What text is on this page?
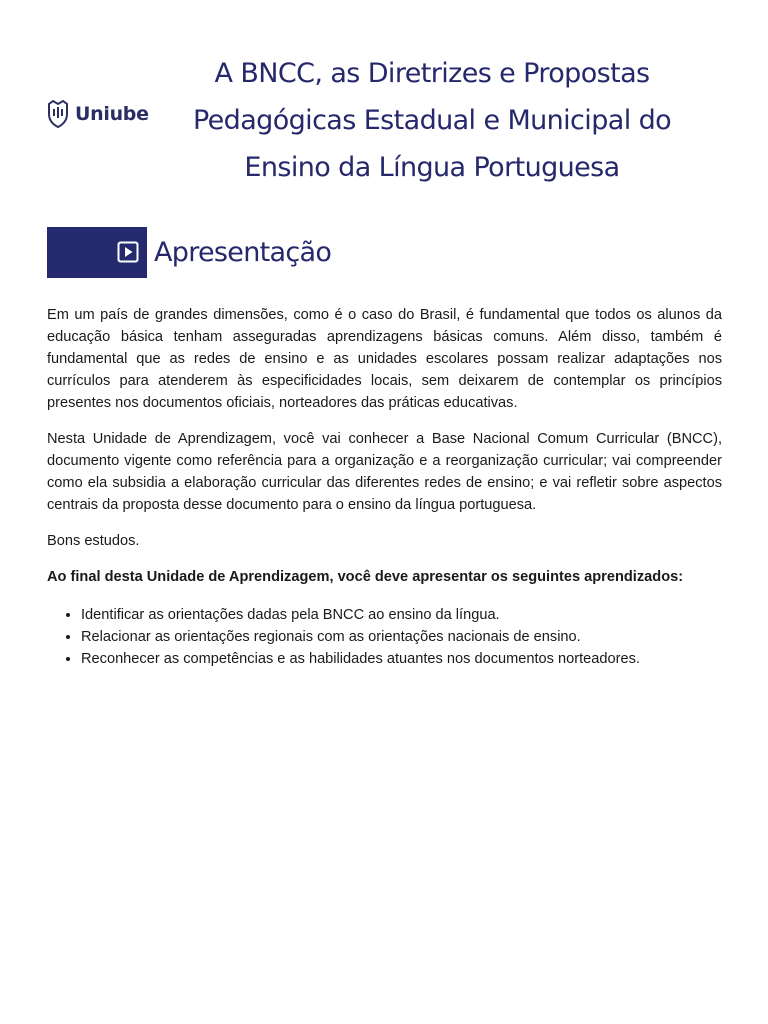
Uniube
A BNCC, as Diretrizes e Propostas Pedagógicas Estadual e Municipal do Ensino da Língua Portuguesa
Apresentação

Em um país de grandes dimensões, como é o caso do Brasil, é fundamental que todos os alunos da educação básica tenham asseguradas aprendizagens básicas comuns. Além disso, também é fundamental que as redes de ensino e as unidades escolares possam realizar adaptações nos currículos para atenderem às especificidades locais, sem deixarem de contemplar os princípios presentes nos documentos oficiais, norteadores das práticas educativas.

Nesta Unidade de Aprendizagem, você vai conhecer a Base Nacional Comum Curricular (BNCC), documento vigente como referência para a organização e a reorganização curricular; vai compreender como ela subsidia a elaboração curricular das diferentes redes de ensino; e vai refletir sobre aspectos centrais da proposta desse documento para o ensino da língua portuguesa.

Bons estudos.

Ao final desta Unidade de Aprendizagem, você deve apresentar os seguintes aprendizados:

• Identificar as orientações dadas pela BNCC ao ensino da língua.
• Relacionar as orientações regionais com as orientações nacionais de ensino.
• Reconhecer as competências e as habilidades atuantes nos documentos norteadores.
